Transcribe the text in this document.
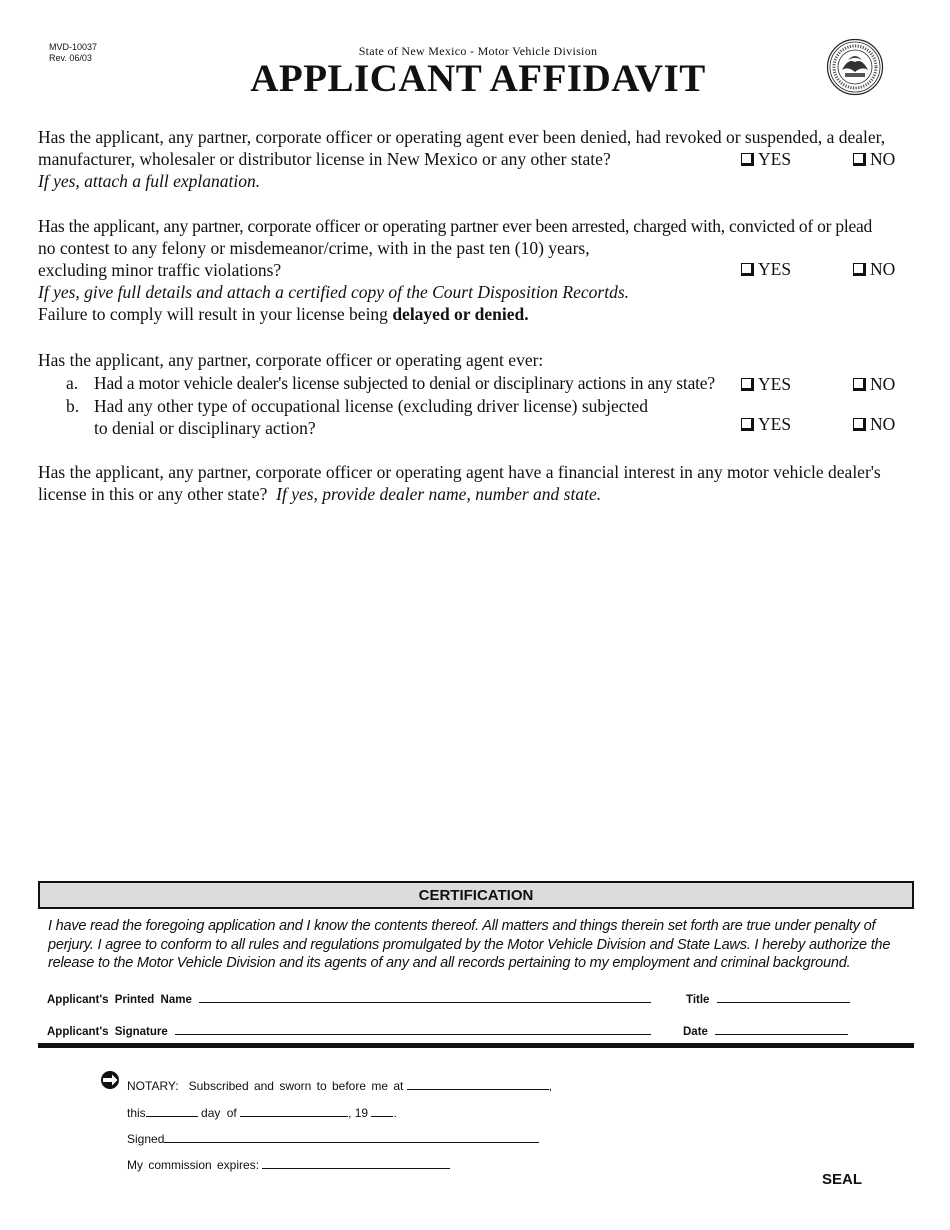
MVD-10037
Rev. 06/03	State of New Mexico - Motor Vehicle Division
APPLICANT AFFIDAVIT
Has the applicant, any partner, corporate officer or operating agent ever been denied, had revoked or suspended, a dealer,
manufacturer, wholesaler or distributor license in New Mexico or any other state?
If yes, attach a full explanation.
YES	NO
Has the applicant, any partner, corporate officer or operating partner ever been arrested, charged with, convicted of or plead
no contest to any felony or misdemeanor/crime, with in the past ten (10) years,
excluding minor traffic violations?
If yes, give full details and attach a certified copy of the Court Disposition Recortds.
Failure to comply will result in your license being delayed or denied.
YES	NO
Has the applicant, any partner, corporate officer or operating agent ever:
a. Had a motor vehicle dealer's license subjected to denial or disciplinary actions in any state?
b. Had any other type of occupational license (excluding driver license) subjected
to denial or disciplinary action?
YES	NO
YES	NO
Has the applicant, any partner, corporate officer or operating agent have a financial interest in any motor vehicle dealer's
license in this or any other state? If yes, provide dealer name, number and state.
CERTIFICATION
I have read the foregoing application and I know the contents thereof. All matters and things therein set forth are true under penalty of perjury. I agree to conform to all rules and regulations promulgated by the Motor Vehicle Division and State Laws. I hereby authorize the release to the Motor Vehicle Division and its agents of any and all records pertaining to my employment and criminal background.
Applicant's Printed Name	Title
Applicant's Signature	Date
NOTARY: Subscribed and sworn to before me at	,
this	day of	, 19 .
Signed
My commission expires:
SEAL
